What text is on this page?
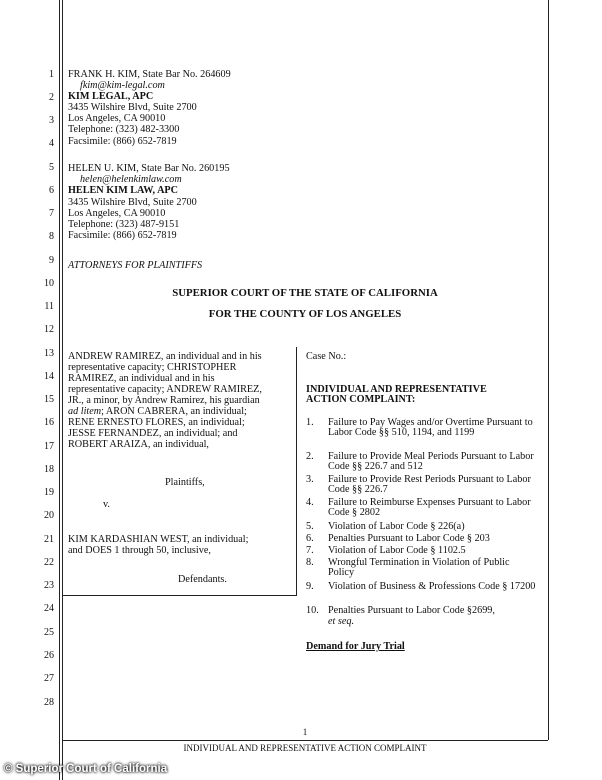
1
2
3
4
5
6
7
8
9
10
11
12
13
14
15
16
17
18
19
20
21
22
23
24
25
26
27
28
FRANK H. KIM, State Bar No. 264609
fkim@kim-legal.com
KIM LEGAL, APC
3435 Wilshire Blvd, Suite 2700
Los Angeles, CA 90010
Telephone: (323) 482-3300
Facsimile: (866) 652-7819
HELEN U. KIM, State Bar No. 260195
helen@helenkimlaw.com
HELEN KIM LAW, APC
3435 Wilshire Blvd, Suite 2700
Los Angeles, CA 90010
Telephone: (323) 487-9151
Facsimile: (866) 652-7819
ATTORNEYS FOR PLAINTIFFS
SUPERIOR COURT OF THE STATE OF CALIFORNIA
FOR THE COUNTY OF LOS ANGELES
ANDREW RAMIREZ, an individual and in his
representative capacity; CHRISTOPHER
RAMIREZ, an individual and in his
representative capacity; ANDREW RAMIREZ,
JR., a minor, by Andrew Ramirez, his guardian
ad litem; ARON CABRERA, an individual;
RENE ERNESTO FLORES, an individual;
JESSE FERNANDEZ, an individual; and
ROBERT ARAIZA, an individual,
Plaintiffs,
v.
KIM KARDASHIAN WEST, an individual;
and DOES 1 through 50, inclusive,
Defendants.
Case No.:
INDIVIDUAL AND REPRESENTATIVE
ACTION COMPLAINT:
1.	Failure to Pay Wages and/or Overtime Pursuant to Labor Code §§ 510, 1194, and 1199
2.	Failure to Provide Meal Periods Pursuant to Labor Code §§ 226.7 and 512
3.	Failure to Provide Rest Periods Pursuant to Labor Code §§ 226.7
4.	Failure to Reimburse Expenses Pursuant to Labor Code § 2802
5.	Violation of Labor Code § 226(a)
6.	Penalties Pursuant to Labor Code § 203
7.	Violation of Labor Code § 1102.5
8.	Wrongful Termination in Violation of Public Policy
9.	Violation of Business & Professions Code § 17200
10. Penalties Pursuant to Labor Code §2699,
et seq.
Demand for Jury Trial
1
INDIVIDUAL AND REPRESENTATIVE ACTION COMPLAINT
© Superior Court of California
